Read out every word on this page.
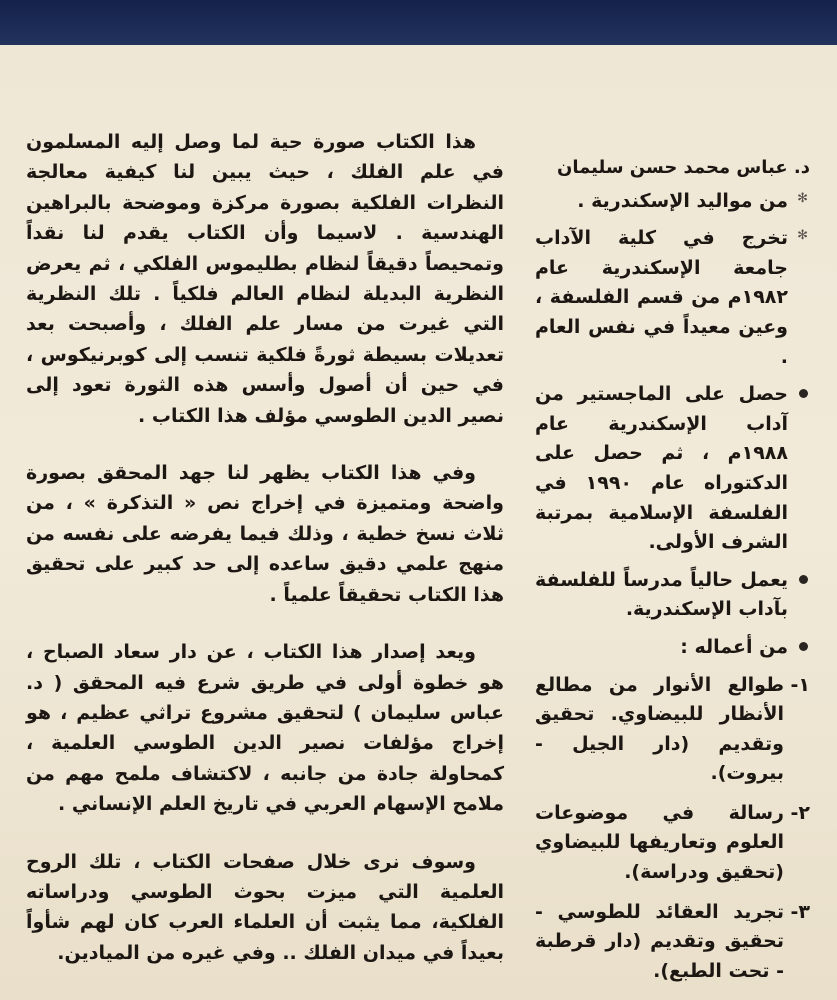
هذا الكتاب صورة حية لما وصل إليه المسلمون في علم الفلك ، حيث يبين لنا كيفية معالجة النظرات الفلكية بصورة مركزة وموضحة بالبراهين الهندسية . لاسيما وأن الكتاب يقدم لنا نقداً وتمحيصاً دقيقاً لنظام بطليموس الفلكي ، ثم يعرض النظرية البديلة لنظام العالم فلكياً . تلك النظرية التي غيرت من مسار علم الفلك ، وأصبحت بعد تعديلات بسيطة ثورةً فلكية تنسب إلى كوبرنيكوس ، في حين أن أصول وأسس هذه الثورة تعود إلى نصير الدين الطوسي مؤلف هذا الكتاب .

وفي هذا الكتاب يظهر لنا جهد المحقق بصورة واضحة ومتميزة في إخراج نص « التذكرة » ، من ثلاث نسخ خطية ، وذلك فيما يفرضه على نفسه من منهج علمي دقيق ساعده إلى حد كبير على تحقيق هذا الكتاب تحقيقاً علمياً .

ويعد إصدار هذا الكتاب ، عن دار سعاد الصباح ، هو خطوة أولى في طريق شرع فيه المحقق ( د. عباس سليمان ) لتحقيق مشروع تراثي عظيم ، هو إخراج مؤلفات نصير الدين الطوسي العلمية ، كمحاولة جادة من جانبه ، لاكتشاف ملمح مهم من ملامح الإسهام العربي في تاريخ العلم الإنساني .

وسوف نرى خلال صفحات الكتاب ، تلك الروح العلمية التي ميزت بحوث الطوسي ودراساته الفلكية، مما يثبت أن العلماء العرب كان لهم شأواً بعيداً في ميدان الفلك .. وفي غيره من الميادين.

د. عباس محمد حسن سليمان
✻
من مواليد الإسكندرية .
✻
تخرج في كلية الآداب جامعة الإسكندرية عام ١٩٨٢م من قسم الفلسفة ، وعين معيداً في نفس العام .
حصل على الماجستير من آداب الإسكندرية عام ١٩٨٨م ، ثم حصل على الدكتوراه عام ١٩٩٠ في الفلسفة الإسلامية بمرتبة الشرف الأولى.
يعمل حالياً مدرساً للفلسفة بآداب الإسكندرية.
من أعماله :
١-
طوالع الأنوار من مطالع الأنظار للبيضاوي. تحقيق وتقديم (دار الجيل - بيروت).
٢-
رسالة في موضوعات العلوم وتعاريفها للبيضاوي (تحقيق ودراسة).
٣-
تجريد العقائد للطوسي - تحقيق وتقديم (دار قرطبة - تحت الطبع).
